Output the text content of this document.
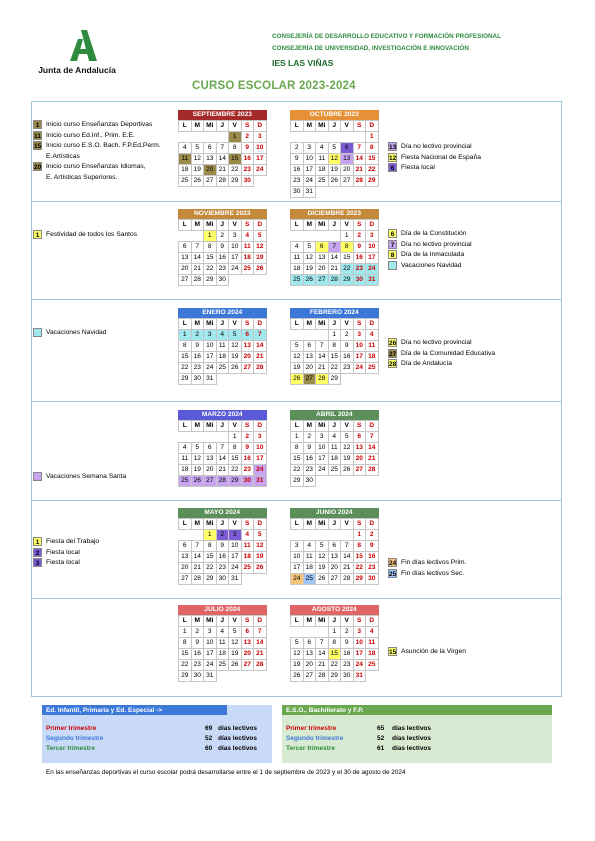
Junta de Andalucía
CONSEJERÍA DE DESARROLLO EDUCATIVO Y FORMACIÓN PROFESIONAL
CONSEJERÍA DE UNIVERSIDAD, INVESTIGACIÓN E INNOVACIÓN
IES LAS VIÑAS
CURSO ESCOLAR 2023-2024
SEPTIEMBRE 2023
L	M	Mi	J	V	S	D
				1	2	3
4	5	6	7	8	9	10
11	12	13	14	15	16	17
18	19	20	21	22	23	24
25	26	27	28	29	30	
OCTUBRE 2023
L	M	Mi	J	V	S	D
						1
2	3	4	5	6	7	8
9	10	11	12	13	14	15
16	17	18	19	20	21	22
23	24	25	26	27	28	29
30	31					
NOVIEMBRE 2023
L	M	Mi	J	V	S	D
		1	2	3	4	5
6	7	8	9	10	11	12
13	14	15	16	17	18	19
20	21	22	23	24	25	26
27	28	29	30			
DICIEMBRE 2023
L	M	Mi	J	V	S	D
				1	2	3
4	5	6	7	8	9	10
11	12	13	14	15	16	17
18	19	20	21	22	23	24
25	26	27	28	29	30	31
ENERO 2024
L	M	Mi	J	V	S	D
1	2	3	4	5	6	7
8	9	10	11	12	13	14
15	16	17	18	19	20	21
22	23	24	25	26	27	28
29	30	31				
FEBRERO 2024
L	M	Mi	J	V	S	D
			1	2	3	4
5	6	7	8	9	10	11
12	13	14	15	16	17	18
19	20	21	22	23	24	25
26	27	28	29			
MARZO 2024
L	M	Mi	J	V	S	D
				1	2	3
4	5	6	7	8	9	10
11	12	13	14	15	16	17
18	19	20	21	22	23	24
25	26	27	28	29	30	31
ABRIL 2024
L	M	Mi	J	V	S	D
1	2	3	4	5	6	7
8	9	10	11	12	13	14
15	16	17	18	19	20	21
22	23	24	25	26	27	28
29	30					
MAYO 2024
L	M	Mi	J	V	S	D
		1	2	3	4	5
6	7	8	9	10	11	12
13	14	15	16	17	18	19
20	21	22	23	24	25	26
27	28	29	30	31		
JUNIO 2024
L	M	Mi	J	V	S	D
					1	2
3	4	5	6	7	8	9
10	11	12	13	14	15	16
17	18	19	20	21	22	23
24	25	26	27	28	29	30
JULIO 2024
L	M	Mi	J	V	S	D
1	2	3	4	5	6	7
8	9	10	11	12	13	14
15	16	17	18	19	20	21
22	23	24	25	26	27	28
29	30	31				
AGOSTO 2024
L	M	Mi	J	V	S	D
			1	2	3	4
5	6	7	8	9	10	11
12	13	14	15	16	17	18
19	20	21	22	23	24	25
26	27	28	29	30	31	
1 Inicio curso Enseñanzas Deportivas
11 Inicio curso Ed.Inf., Prim. E.E.
15 Inicio curso E.S.O. Bach. F.P.Ed,Perm.
E.Artísticas
20 Inicio curso Enseñanzas Idiomas,
E. Artísticas Superiores.
13 Día no lectivo provincial
12 Fiesta Nacional de España
6 Fiesta local
1 Festividad de todos los Santos	6 Día de la Constitución
7 Día no lectivo provincial
8 Día de la Inmaculada
Vacaciones Navidad
Vacaciones Navidad
26 Día no lectivo provincial
27 Día de la Comunidad Educativa
28 Día de Andalucía
Vacaciones Semana Santa
1 Fiesta del Trabajo
2 Fiesta local
3 Fiesta local	24 Fin días lectivos Prim.
25 Fin días lectivos Sec.
15 Asunción de la Virgen
Ed. Infantil, Primaria y Ed. Especial ->
Primer trimestre	69 días lectivos
Segundo trimestre	52 días lectivos
Tercer trimestre	60 días lectivos
E.S.O., Bachillerato y F.P.
Primer trimestre	65 días lectivos
Segundo trimestre	52 días lectivos
Tercer trimestre	61 días lectivos
En las enseñanzas deportivas el curso escolar podrá desarrollarse entre el 1 de septiembre de 2023 y el 30 de agosto de 2024
